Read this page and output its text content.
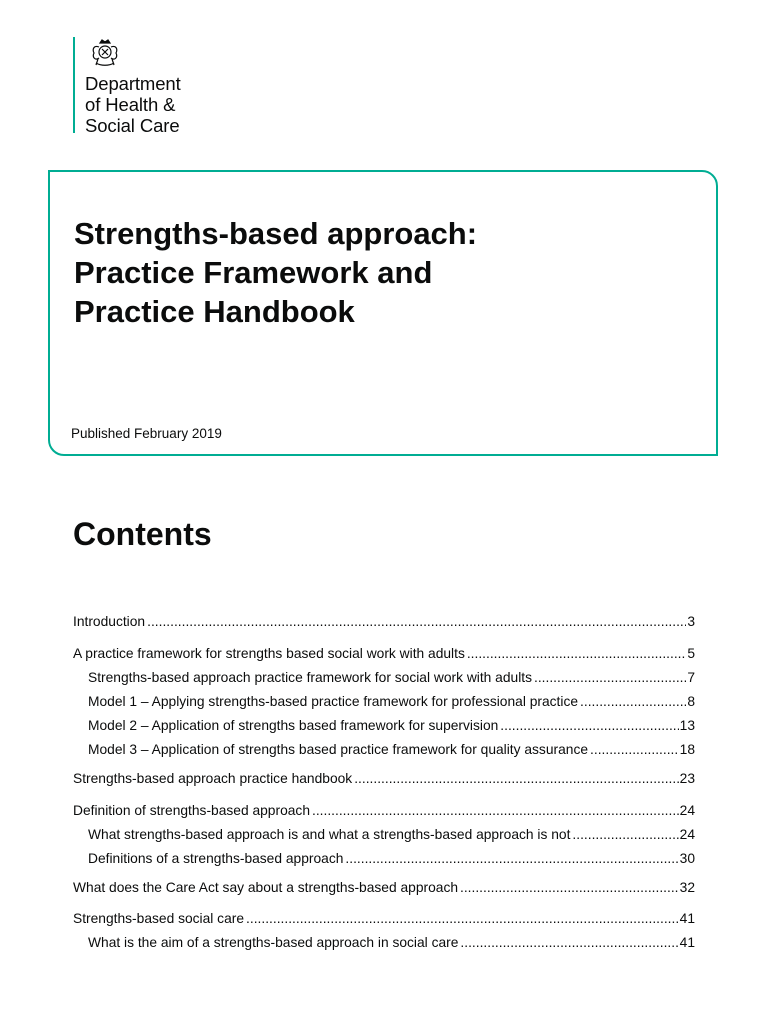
Department
of Health &
Social Care
Strengths-based approach:
Practice Framework and
Practice Handbook
Published February 2019
Contents
Introduction .....	3
A practice framework for strengths based social work with adults .....	5
Strengths-based approach practice framework for social work with adults .....	7
Model 1 – Applying strengths-based practice framework for professional practice .....	8
Model 2 – Application of strengths based framework for supervision .....	13
Model 3 – Application of strengths based practice framework for quality assurance .....	18
Strengths-based approach practice handbook .....	23
Definition of strengths-based approach .....	24
What strengths-based approach is and what a strengths-based approach is not .....	24
Definitions of a strengths-based approach .....	30
What does the Care Act say about a strengths-based approach .....	32
Strengths-based social care .....	41
What is the aim of a strengths-based approach in social care .....	41
